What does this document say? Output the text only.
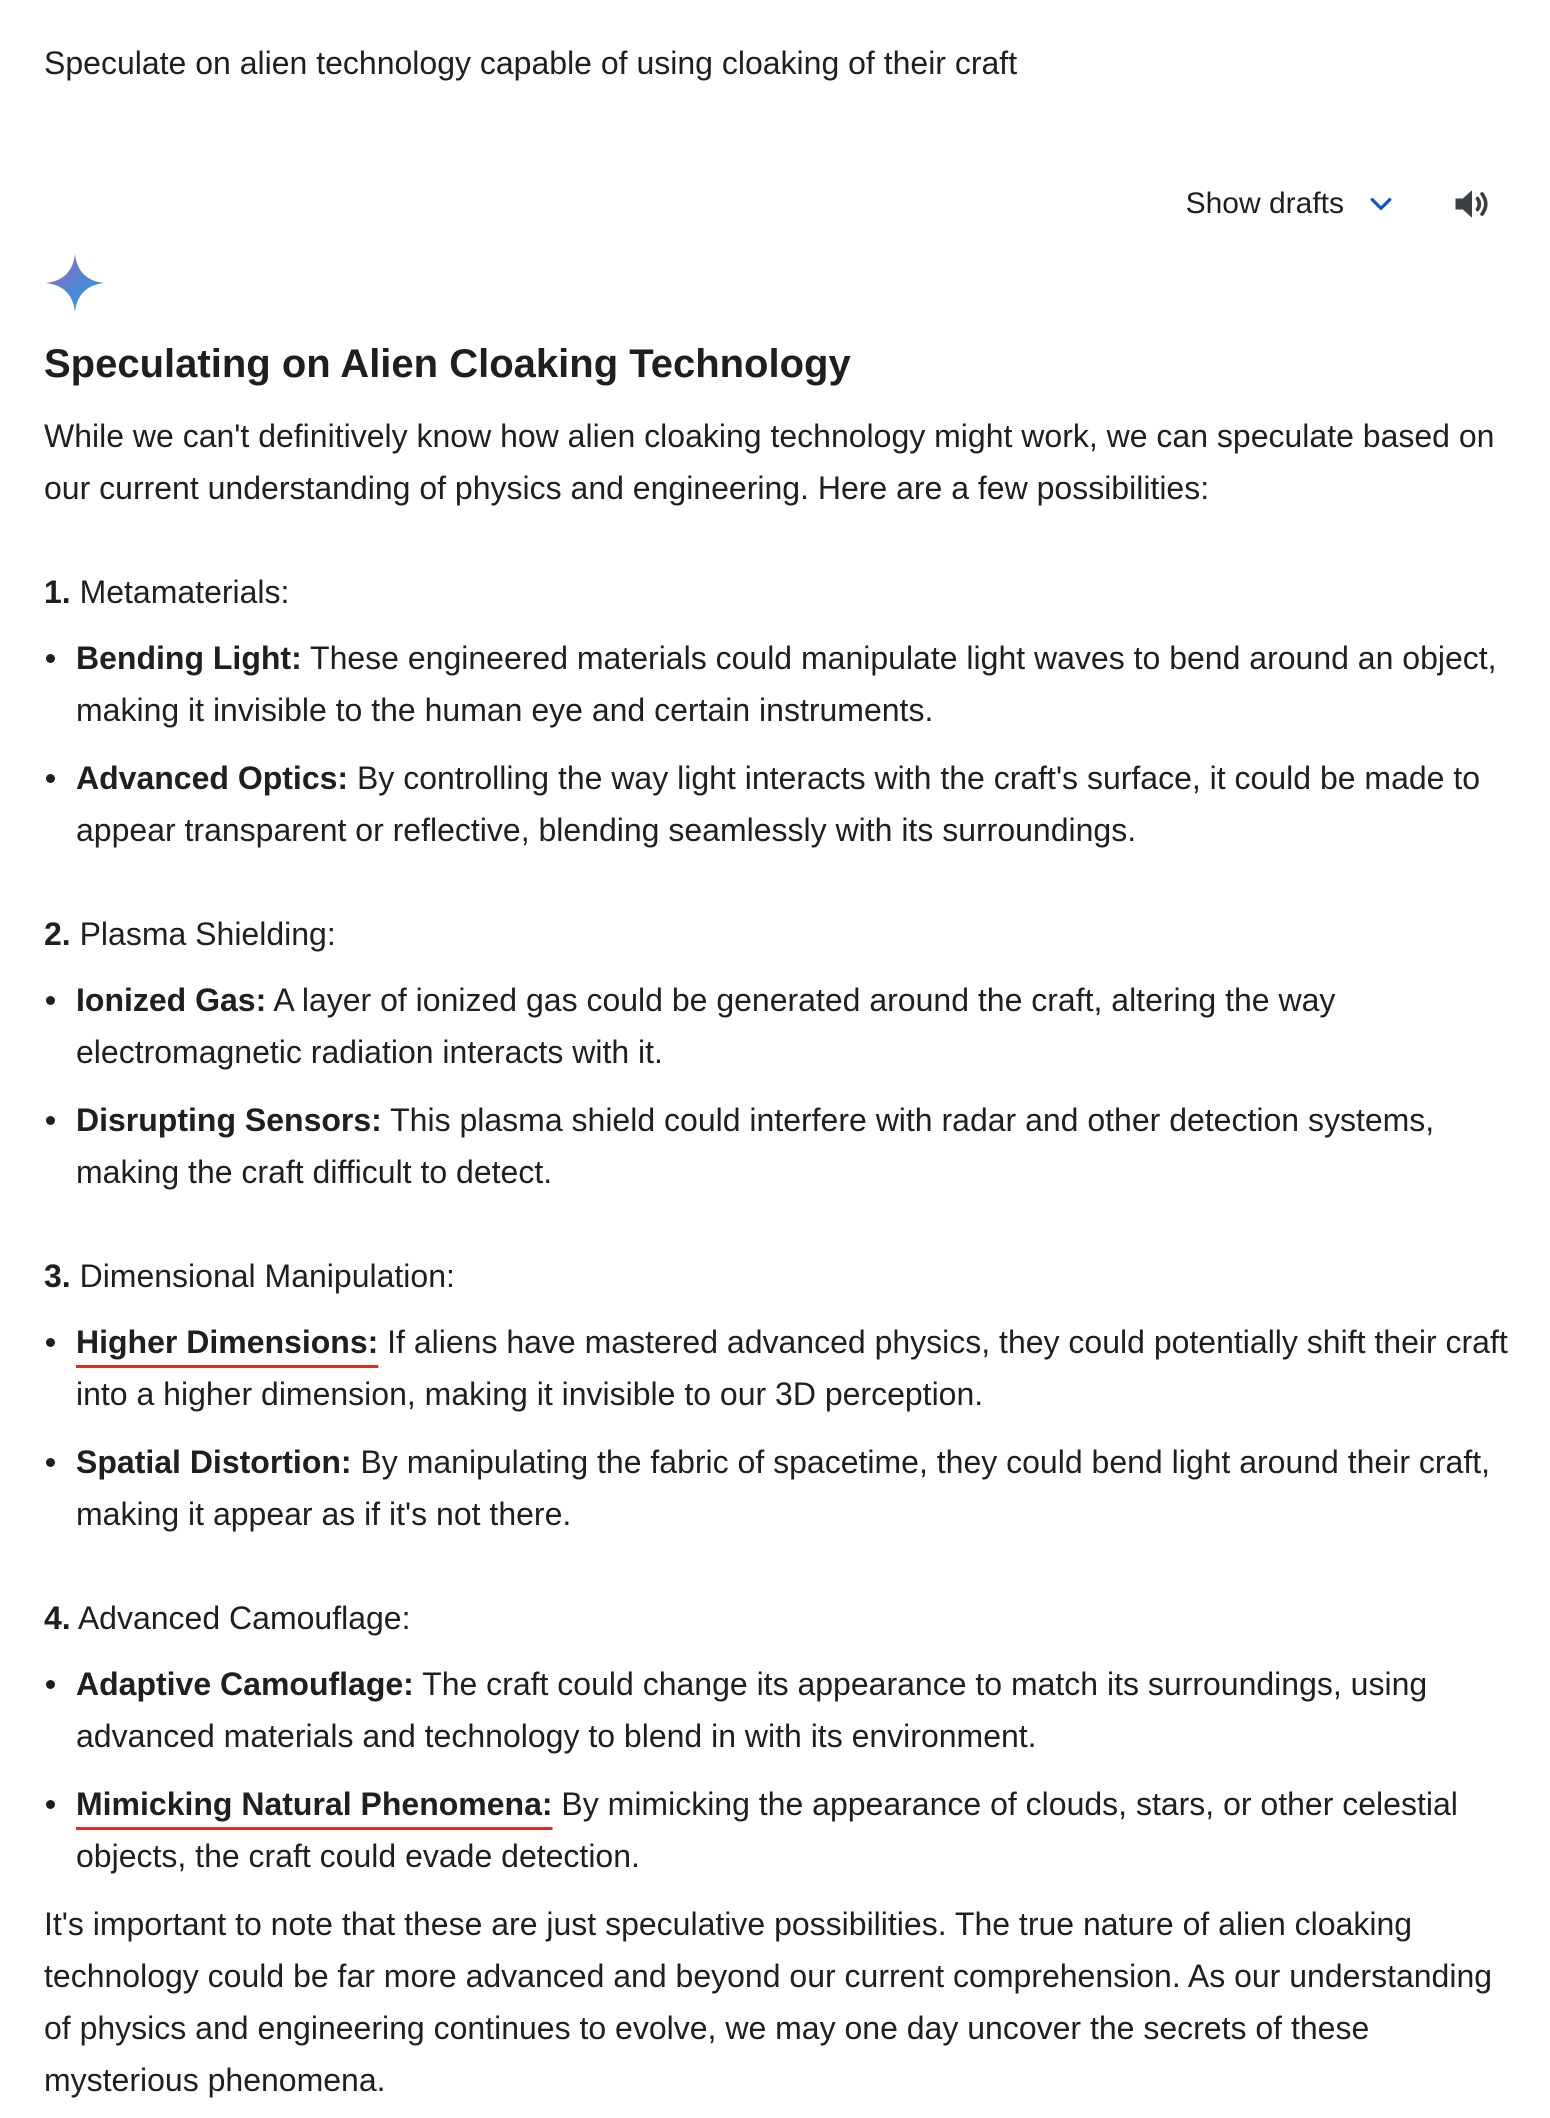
Speculate on alien technology capable of using cloaking of their craft
Show drafts
Speculating on Alien Cloaking Technology

While we can't definitively know how alien cloaking technology might work, we can speculate based on our current understanding of physics and engineering. Here are a few possibilities:

1. Metamaterials:
Bending Light: These engineered materials could manipulate light waves to bend around an object, making it invisible to the human eye and certain instruments.
Advanced Optics: By controlling the way light interacts with the craft's surface, it could be made to appear transparent or reflective, blending seamlessly with its surroundings.
2. Plasma Shielding:
Ionized Gas: A layer of ionized gas could be generated around the craft, altering the way electromagnetic radiation interacts with it.
Disrupting Sensors: This plasma shield could interfere with radar and other detection systems, making the craft difficult to detect.
3. Dimensional Manipulation:
Higher Dimensions: If aliens have mastered advanced physics, they could potentially shift their craft into a higher dimension, making it invisible to our 3D perception.
Spatial Distortion: By manipulating the fabric of spacetime, they could bend light around their craft, making it appear as if it's not there.
4. Advanced Camouflage:
Adaptive Camouflage: The craft could change its appearance to match its surroundings, using advanced materials and technology to blend in with its environment.
Mimicking Natural Phenomena: By mimicking the appearance of clouds, stars, or other celestial objects, the craft could evade detection.

It's important to note that these are just speculative possibilities. The true nature of alien cloaking technology could be far more advanced and beyond our current comprehension. As our understanding of physics and engineering continues to evolve, we may one day uncover the secrets of these mysterious phenomena.
